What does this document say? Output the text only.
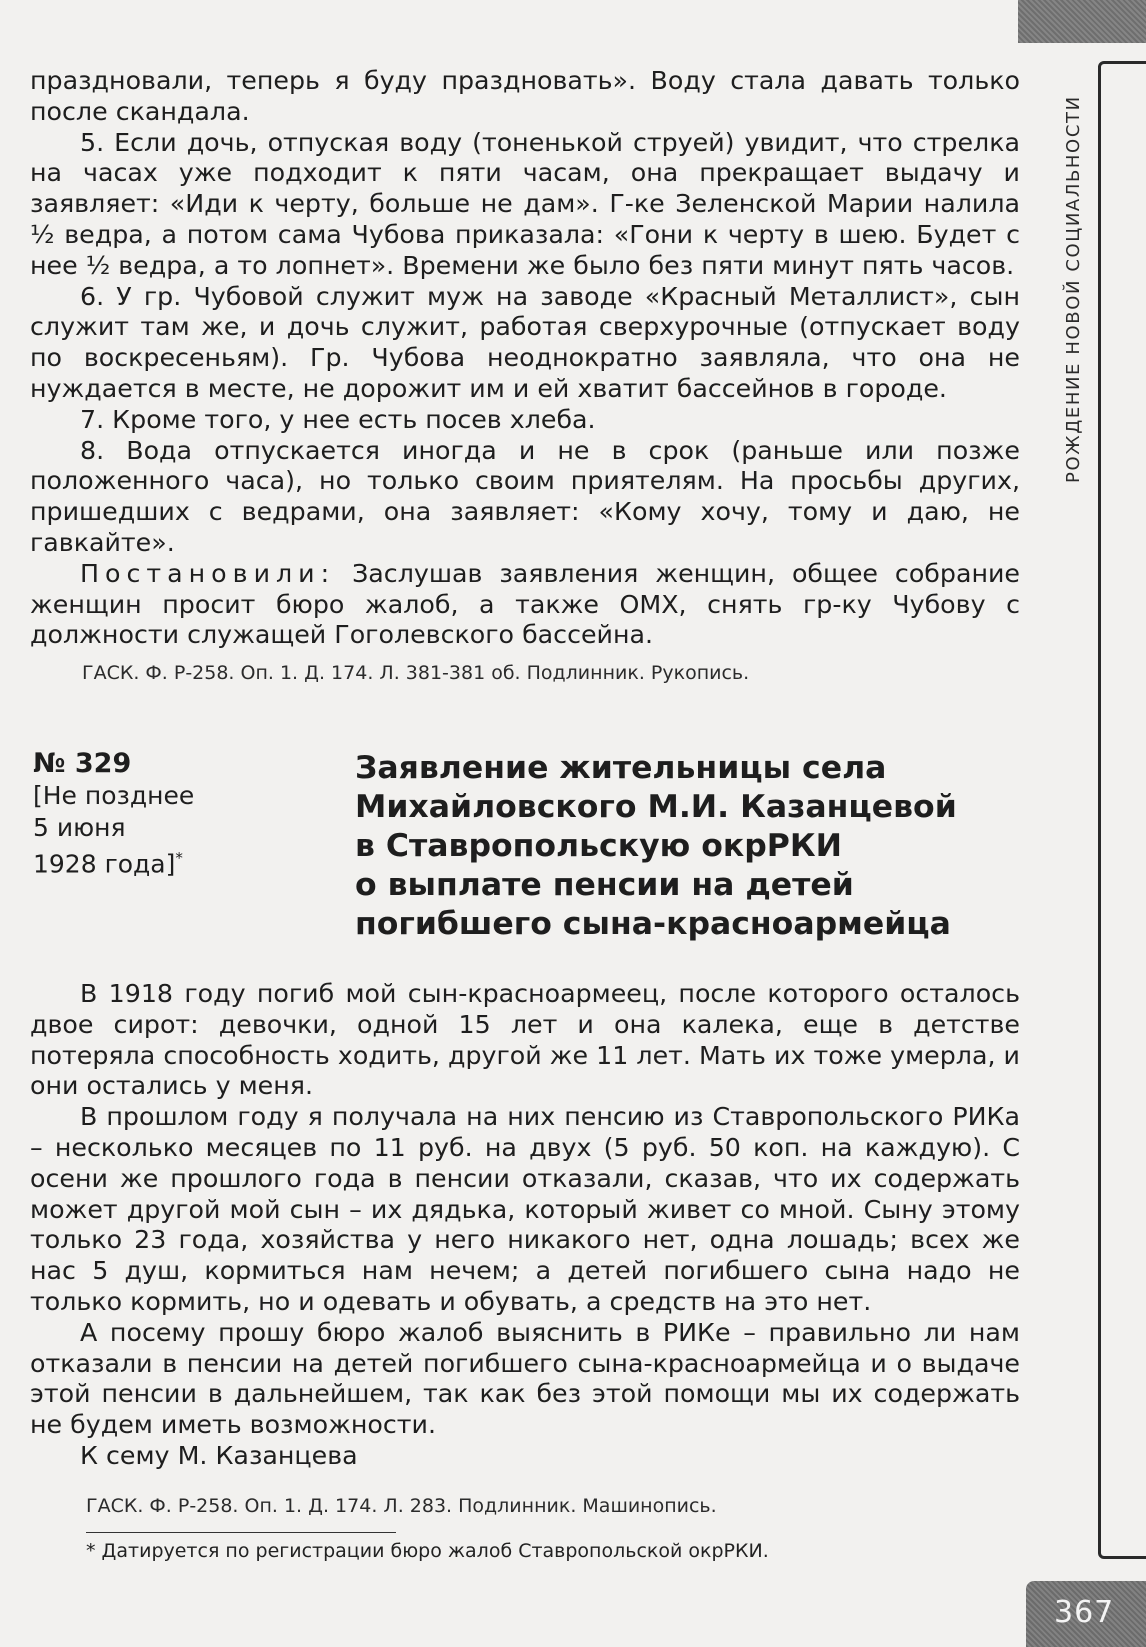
РОЖДЕНИЕ НОВОЙ СОЦИАЛЬНОСТИ

праздновали, теперь я буду праздновать». Воду стала давать только после скандала.

5. Если дочь, отпуская воду (тоненькой струей) увидит, что стрелка на часах уже подходит к пяти часам, она прекращает выдачу и заявляет: «Иди к черту, больше не дам». Г-ке Зеленской Марии налила ½ ведра, а потом сама Чубова приказала: «Гони к черту в шею. Будет с нее ½ ведра, а то лопнет». Времени же было без пяти минут пять часов.

6. У гр. Чубовой служит муж на заводе «Красный Металлист», сын служит там же, и дочь служит, работая сверхурочные (отпускает воду по воскресеньям). Гр. Чубова неоднократно заявляла, что она не нуждается в месте, не дорожит им и ей хватит бассейнов в городе.

7. Кроме того, у нее есть посев хлеба.

8. Вода отпускается иногда и не в срок (раньше или позже положенного часа), но только своим приятелям. На просьбы других, пришедших с ведрами, она заявляет: «Кому хочу, тому и даю, не гавкайте».

Постановили: Заслушав заявления женщин, общее собрание женщин просит бюро жалоб, а также ОМХ, снять гр-ку Чубову с должности служащей Гоголевского бассейна.

ГАСК. Ф. Р-258. Оп. 1. Д. 174. Л. 381-381 об. Подлинник. Рукопись.
№ 329
[Не позднее
5 июня
1928 года]*
Заявление жительницы села
Михайловского М.И. Казанцевой
в Ставропольскую окрРКИ
о выплате пенсии на детей
погибшего сына-красноармейца

В 1918 году погиб мой сын-красноармеец, после которого осталось двое сирот: девочки, одной 15 лет и она калека, еще в детстве потеряла способность ходить, другой же 11 лет. Мать их тоже умерла, и они остались у меня.

В прошлом году я получала на них пенсию из Ставропольского РИКа – несколько месяцев по 11 руб. на двух (5 руб. 50 коп. на каждую). С осени же прошлого года в пенсии отказали, сказав, что их содержать может другой мой сын – их дядька, который живет со мной. Сыну этому только 23 года, хозяйства у него никакого нет, одна лошадь; всех же нас 5 душ, кормиться нам нечем; а детей погибшего сына надо не только кормить, но и одевать и обувать, а средств на это нет.

А посему прошу бюро жалоб выяснить в РИКе – правильно ли нам отказали в пенсии на детей погибшего сына-красноармейца и о выдаче этой пенсии в дальнейшем, так как без этой помощи мы их содержать не будем иметь возможности.

К сему М. Казанцева

ГАСК. Ф. Р-258. Оп. 1. Д. 174. Л. 283. Подлинник. Машинопись.
* Датируется по регистрации бюро жалоб Ставропольской окрРКИ.
367
